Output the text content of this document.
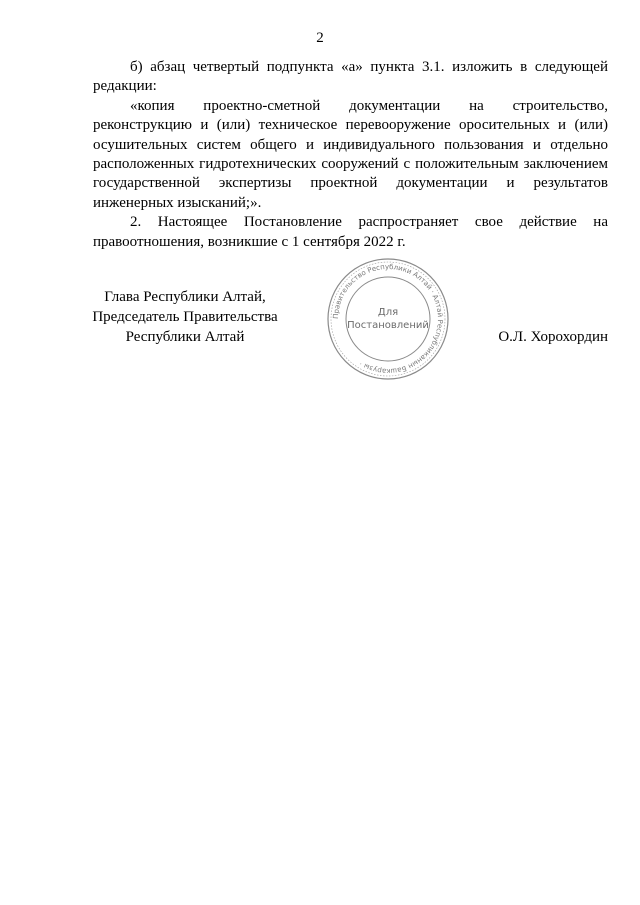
2

б) абзац четвертый подпункта «а» пункта 3.1. изложить в следующей редакции:

«копия проектно-сметной документации на строительство, реконструкцию и (или) техническое перевооружение оросительных и (или) осушительных систем общего и индивидуального пользования и отдельно расположенных гидротехнических сооружений с положительным заключением государственной экспертизы проектной документации и результатов инженерных изысканий;».

2. Настоящее Постановление распространяет свое действие на правоотношения, возникшие с 1 сентября 2022 г.

Глава Республики Алтай,
Председатель Правительства
Республики Алтай
Правительство Республики Алтай · Алтай Республиканын Башкарузы ·
Для
Постановлений
О.Л. Хорохордин
